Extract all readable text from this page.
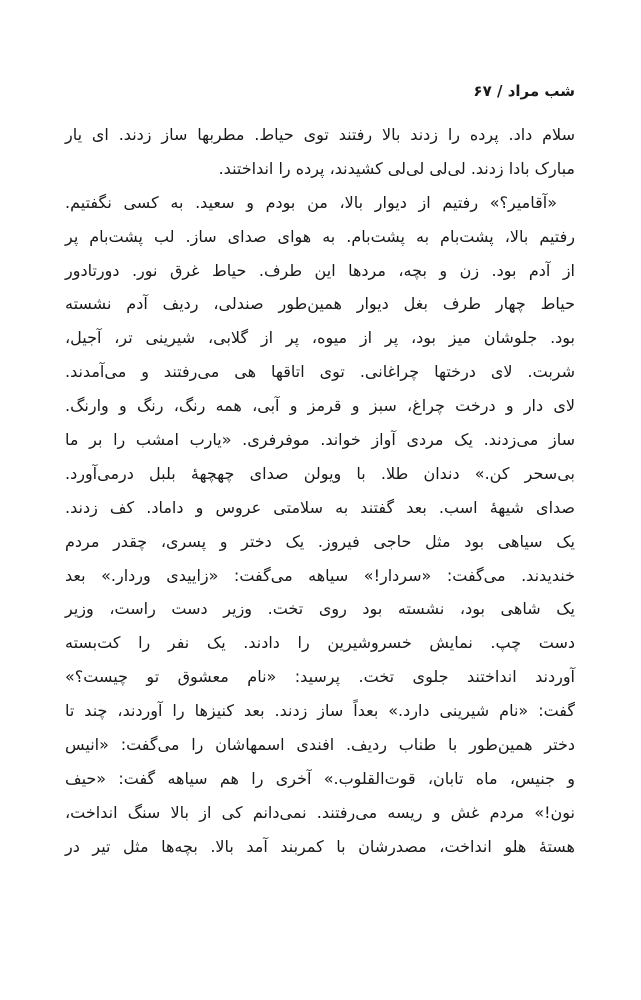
شب مراد / ۶۷
سلام داد. پرده را زدند بالا رفتند توی حیاط. مطربها ساز زدند. ای یار
مبارک بادا زدند. لی‌لی لی‌لی کشیدند، پرده را انداختند.
«آقامیر؟» رفتیم از دیوار بالا، من بودم و سعید. به کسی نگفتیم.
رفتیم بالا، پشت‌بام به پشت‌بام. به هوای صدای ساز. لب پشت‌بام پر
از آدم بود. زن و بچه، مردها این طرف. حیاط غرق نور. دورتادور
حیاط چهار طرف بغل دیوار همین‌طور صندلی، ردیف آدم نشسته
بود. جلوشان میز بود، پر از میوه، پر از گلابی، شیرینی تر، آجیل،
شربت. لای درختها چراغانی. توی اتاقها هی می‌رفتند و می‌آمدند.
لای دار و درخت چراغ، سبز و قرمز و آبی، همه رنگ، رنگ و وارنگ.
ساز می‌زدند. یک مردی آواز خواند. موفرفری. «یارب امشب را بر ما
بی‌سحر کن.» دندان طلا. با ویولن صدای چهچهۀ بلبل درمی‌آورد.
صدای شیهۀ اسب. بعد گفتند به سلامتی عروس و داماد. کف زدند.
یک سیاهی بود مثل حاجی فیروز. یک دختر و پسری، چقدر مردم
خندیدند. می‌گفت: «سردار!» سیاهه می‌گفت: «زاییدی وردار.» بعد
یک شاهی بود، نشسته بود روی تخت. وزیر دست راست، وزیر
دست چپ. نمایش خسروشیرین را دادند. یک نفر را کت‌بسته
آوردند انداختند جلوی تخت. پرسید: «نام معشوق تو چیست؟»
گفت: «نام شیرینی دارد.» بعداً ساز زدند. بعد کنیزها را آوردند، چند تا
دختر همین‌طور با طناب ردیف. افندی اسمهاشان را می‌گفت: «انیس
و جنیس، ماه تابان، قوت‌القلوب.» آخری را هم سیاهه گفت: «حیف
نون!» مردم غش و ریسه می‌رفتند. نمی‌دانم کی از بالا سنگ انداخت،
هستۀ هلو انداخت، مصدرشان با کمربند آمد بالا. بچه‌ها مثل تیر در
